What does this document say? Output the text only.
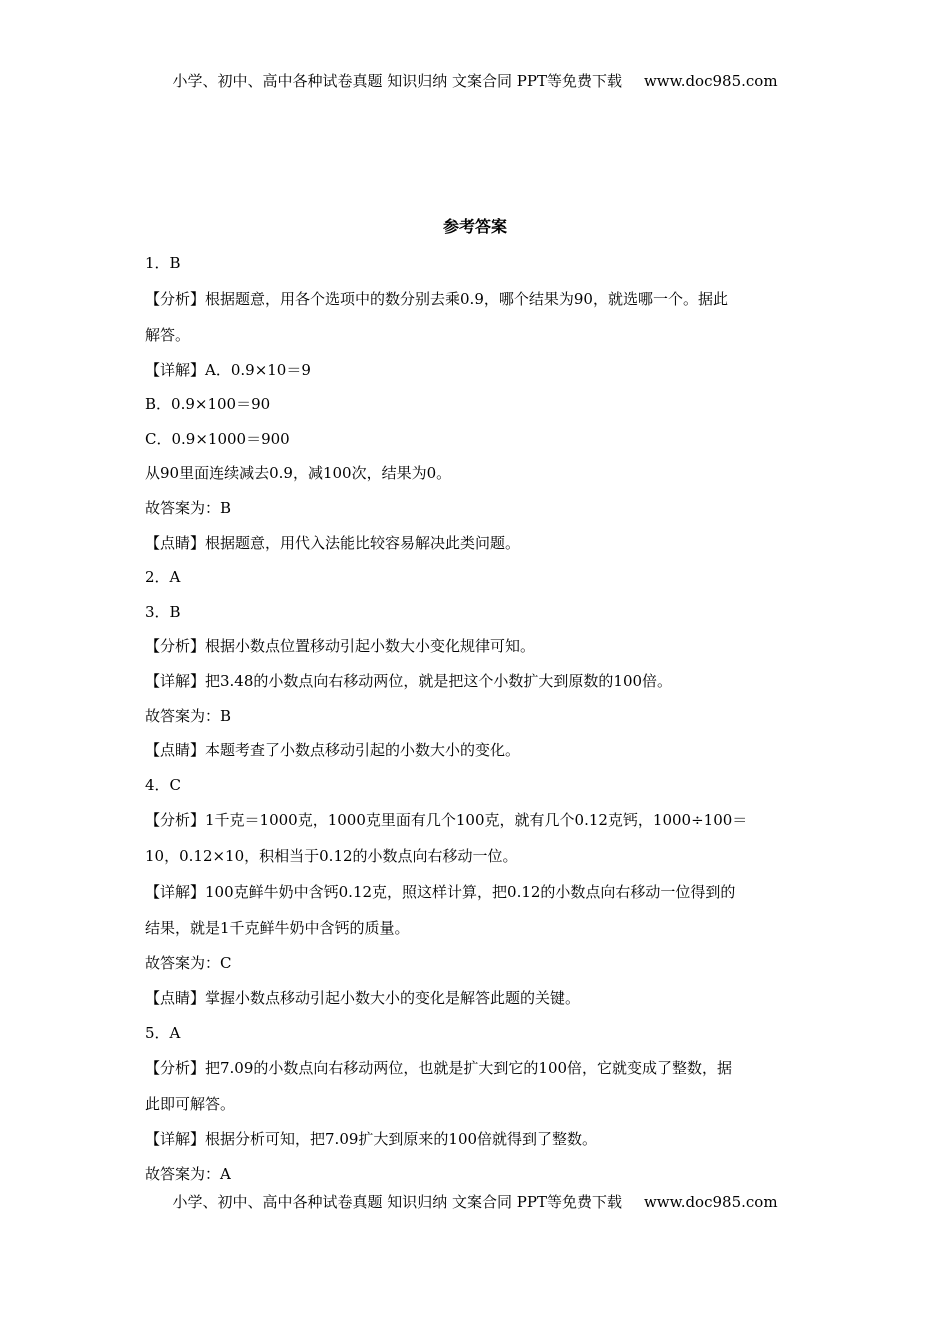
小学、初中、高中各种试卷真题 知识归纳 文案合同 PPT等免费下载 www.doc985.com
参考答案
1．B
【分析】根据题意，用各个选项中的数分别去乘0.9，哪个结果为90，就选哪一个。据此
解答。
【详解】A．0.9×10＝9
B．0.9×100＝90
C．0.9×1000＝900
从90里面连续减去0.9，减100次，结果为0。
故答案为：B
【点睛】根据题意，用代入法能比较容易解决此类问题。
2．A
3．B
【分析】根据小数点位置移动引起小数大小变化规律可知。
【详解】把3.48的小数点向右移动两位，就是把这个小数扩大到原数的100倍。
故答案为：B
【点睛】本题考查了小数点移动引起的小数大小的变化。
4．C
【分析】1千克＝1000克，1000克里面有几个100克，就有几个0.12克钙，1000÷100＝
10，0.12×10，积相当于0.12的小数点向右移动一位。
【详解】100克鲜牛奶中含钙0.12克，照这样计算，把0.12的小数点向右移动一位得到的
结果，就是1千克鲜牛奶中含钙的质量。
故答案为：C
【点睛】掌握小数点移动引起小数大小的变化是解答此题的关键。
5．A
【分析】把7.09的小数点向右移动两位，也就是扩大到它的100倍，它就变成了整数，据
此即可解答。
【详解】根据分析可知，把7.09扩大到原来的100倍就得到了整数。
故答案为：A
小学、初中、高中各种试卷真题 知识归纳 文案合同 PPT等免费下载 www.doc985.com
